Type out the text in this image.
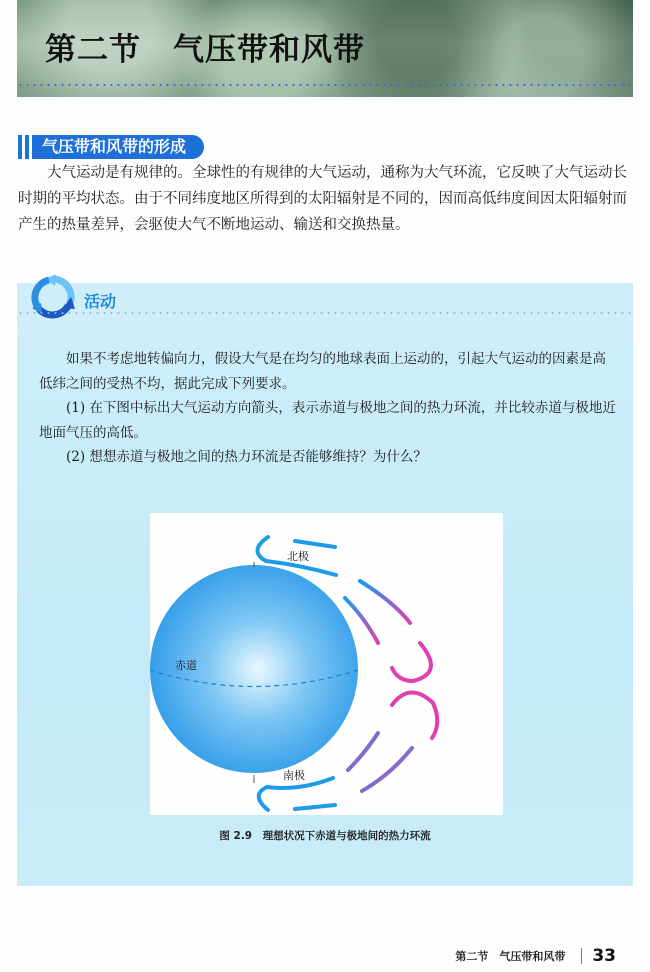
第二节　气压带和风带
气压带和风带的形成

大气运动是有规律的。全球性的有规律的大气运动，通称为大气环流，它反映了大气运动长时期的平均状态。由于不同纬度地区所得到的太阳辐射是不同的，因而高低纬度间因太阳辐射而产生的热量差异，会驱使大气不断地运动、输送和交换热量。

活动

如果不考虑地转偏向力，假设大气是在均匀的地球表面上运动的，引起大气运动的因素是高低纬之间的受热不均，据此完成下列要求。

(1) 在下图中标出大气运动方向箭头，表示赤道与极地之间的热力环流，并比较赤道与极地近地面气压的高低。

(2) 想想赤道与极地之间的热力环流是否能够维持？为什么？

赤道
北极
南极
图 2.9　理想状况下赤道与极地间的热力环流
第二节　气压带和风带 33
